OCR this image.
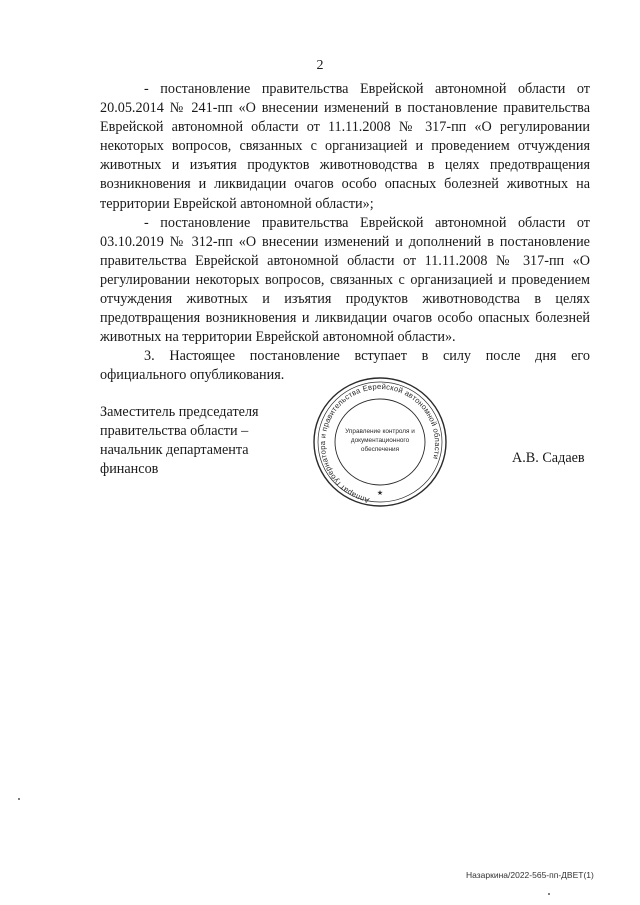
2

- постановление правительства Еврейской автономной области от 20.05.2014 № 241-пп «О внесении изменений в постановление правительства Еврейской автономной области от 11.11.2008 № 317-пп «О регулировании некоторых вопросов, связанных с организацией и проведением отчуждения животных и изъятия продуктов животноводства в целях предотвращения возникновения и ликвидации очагов особо опасных болезней животных на территории Еврейской автономной области»;

- постановление правительства Еврейской автономной области от 03.10.2019 № 312-пп «О внесении изменений и дополнений в постановление правительства Еврейской автономной области от 11.11.2008 № 317-пп «О регулировании некоторых вопросов, связанных с организацией и проведением отчуждения животных и изъятия продуктов животноводства в целях предотвращения возникновения и ликвидации очагов особо опасных болезней животных на территории Еврейской автономной области».

3. Настоящее постановление вступает в силу после дня его официального опубликования.

Заместитель председателя
правительства области –
начальник департамента
финансов
Аппарат губернатора и правительства Еврейской автономной области
★
Управление контроля и
документационного
обеспечения
А.В. Садаев
Назаркина/2022-565-пп-ДВЕТ(1)
